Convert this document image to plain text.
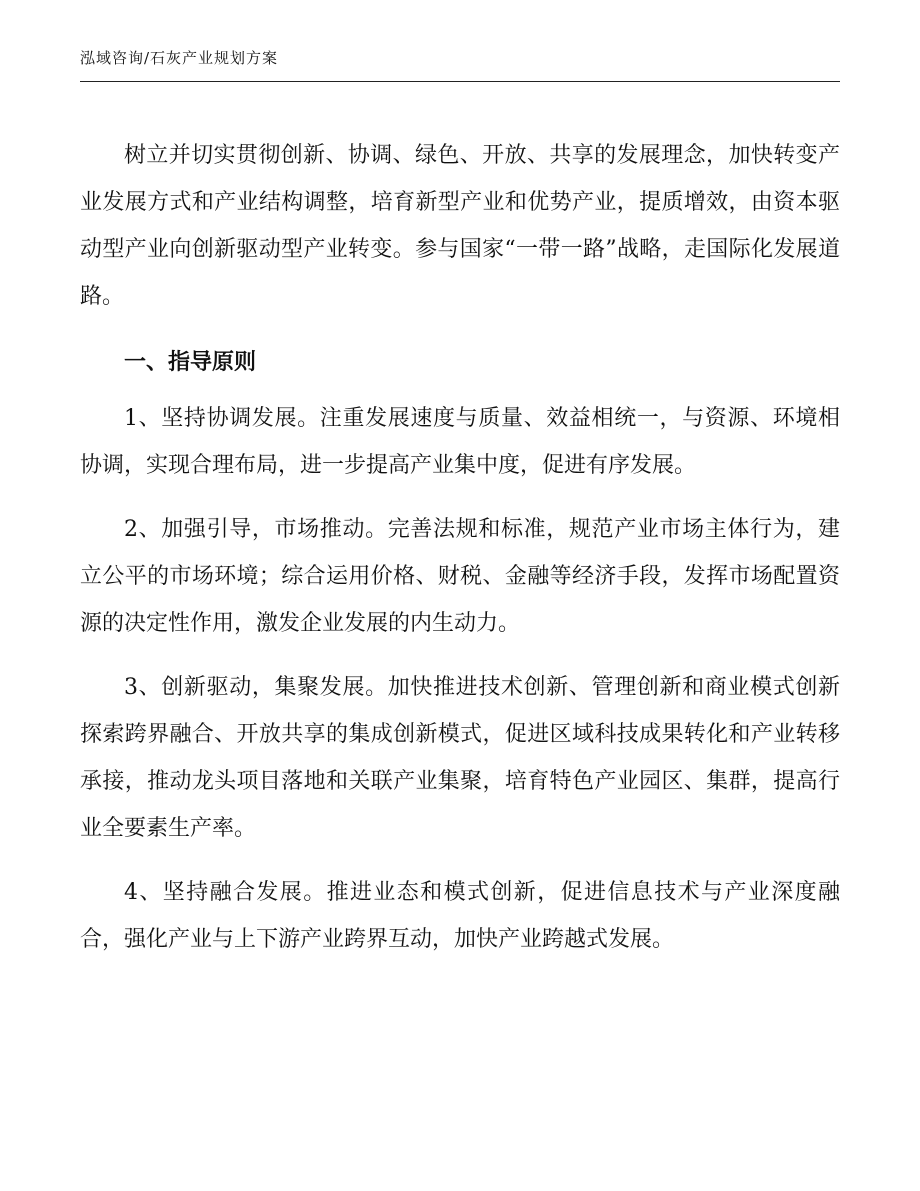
泓域咨询/石灰产业规划方案

树立并切实贯彻创新、协调、绿色、开放、共享的发展理念，加快转变产业发展方式和产业结构调整，培育新型产业和优势产业，提质增效，由资本驱动型产业向创新驱动型产业转变。参与国家“一带一路”战略，走国际化发展道路。

一、指导原则

1、坚持协调发展。注重发展速度与质量、效益相统一，与资源、环境相协调，实现合理布局，进一步提高产业集中度，促进有序发展。

2、加强引导，市场推动。完善法规和标准，规范产业市场主体行为，建立公平的市场环境；综合运用价格、财税、金融等经济手段，发挥市场配置资源的决定性作用，激发企业发展的内生动力。

3、创新驱动，集聚发展。加快推进技术创新、管理创新和商业模式创新探索跨界融合、开放共享的集成创新模式，促进区域科技成果转化和产业转移承接，推动龙头项目落地和关联产业集聚，培育特色产业园区、集群，提高行业全要素生产率。

4、坚持融合发展。推进业态和模式创新，促进信息技术与产业深度融合，强化产业与上下游产业跨界互动，加快产业跨越式发展。
